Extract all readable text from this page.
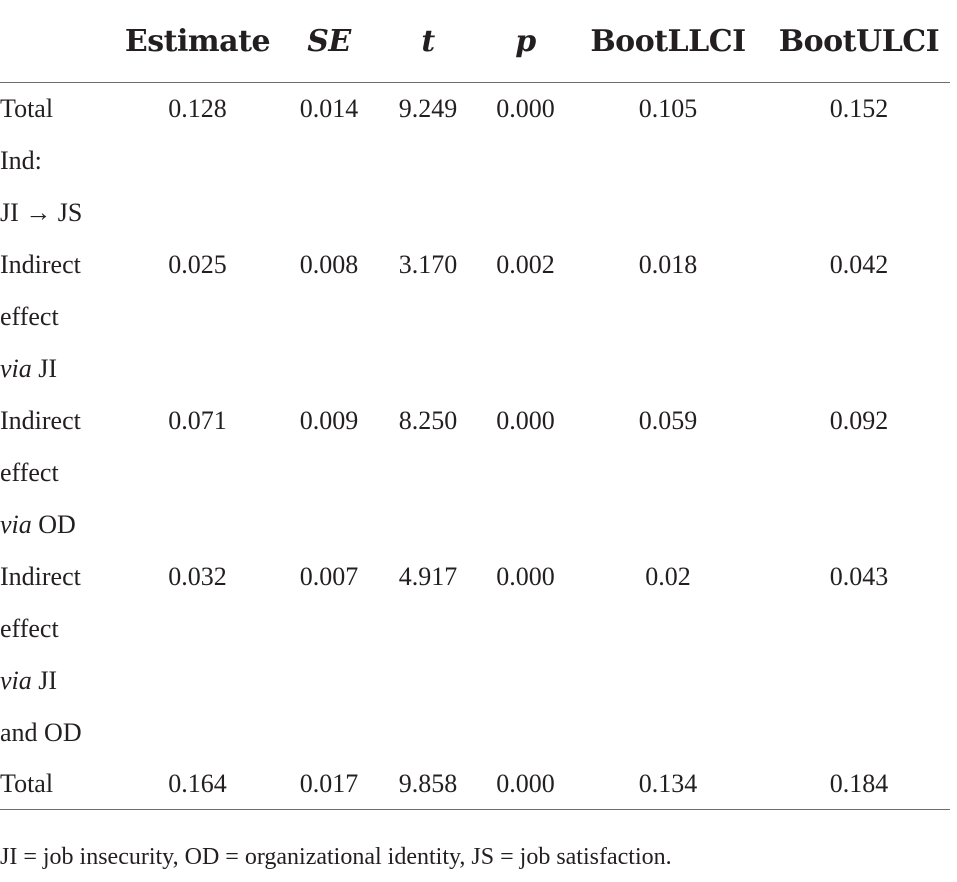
	Estimate	SE	t	p	BootLLCI	BootULCI
Total	0.128	0.014	9.249	0.000	0.105	0.152
Ind:						
JI → JS						
Indirect	0.025	0.008	3.170	0.002	0.018	0.042
effect						
via JI						
Indirect	0.071	0.009	8.250	0.000	0.059	0.092
effect						
via OD						
Indirect	0.032	0.007	4.917	0.000	0.02	0.043
effect						
via JI						
and OD						
Total	0.164	0.017	9.858	0.000	0.134	0.184
JI = job insecurity, OD = organizational identity, JS = job satisfaction.
